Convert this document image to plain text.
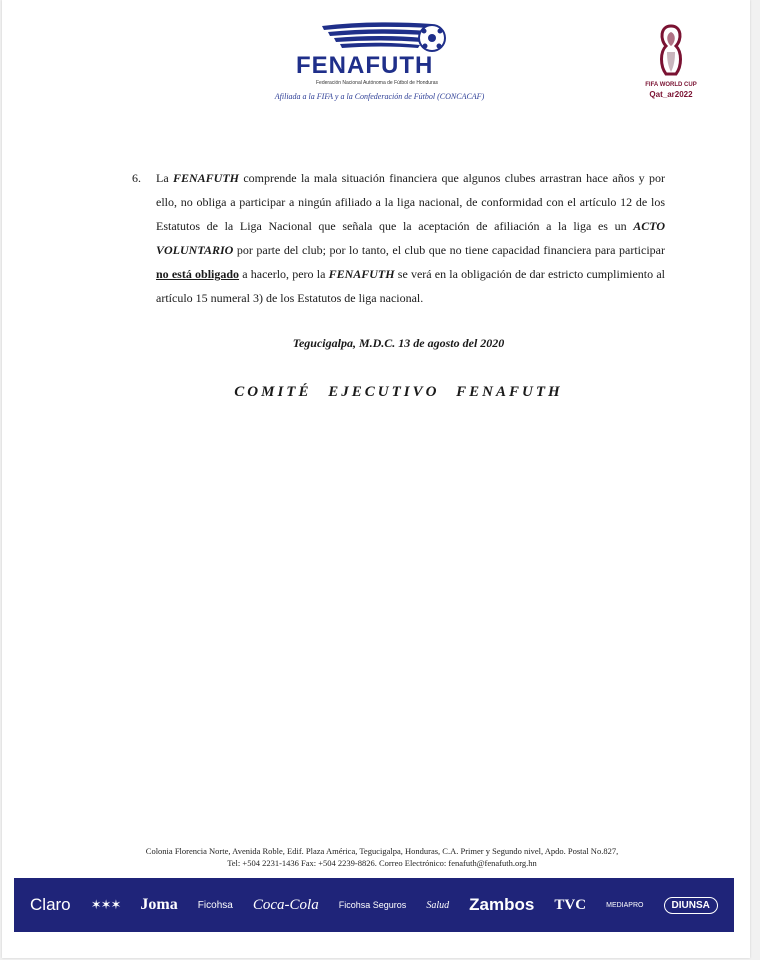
FENAFUTH
Federación Nacional Autónoma de Fútbol de Honduras
Afiliada a la FIFA y a la Confederación de Fútbol (CONCACAF)
FIFA WORLD CUP
Qat_ar2022
6. La FENAFUTH comprende la mala situación financiera que algunos clubes arrastran hace años y por ello, no obliga a participar a ningún afiliado a la liga nacional, de conformidad con el artículo 12 de los Estatutos de la Liga Nacional que señala que la aceptación de afiliación a la liga es un ACTO VOLUNTARIO por parte del club; por lo tanto, el club que no tiene capacidad financiera para participar no está obligado a hacerlo, pero la FENAFUTH se verá en la obligación de dar estricto cumplimiento al artículo 15 numeral 3) de los Estatutos de liga nacional.
Tegucigalpa, M.D.C. 13 de agosto del 2020
COMITÉ EJECUTIVO FENAFUTH
Colonia Florencia Norte, Avenida Roble, Edif. Plaza América, Tegucigalpa, Honduras, C.A. Primer y Segundo nivel, Apdo. Postal No.827,
Tel: +504 2231-1436 Fax: +504 2239-8826. Correo Electrónico: fenafuth@fenafuth.org.hn
Claro ✶✶✶ Joma Ficohsa Coca-Cola Ficohsa Seguros Salud Zambos TVC	MEDIAPRO	DIUNSA
